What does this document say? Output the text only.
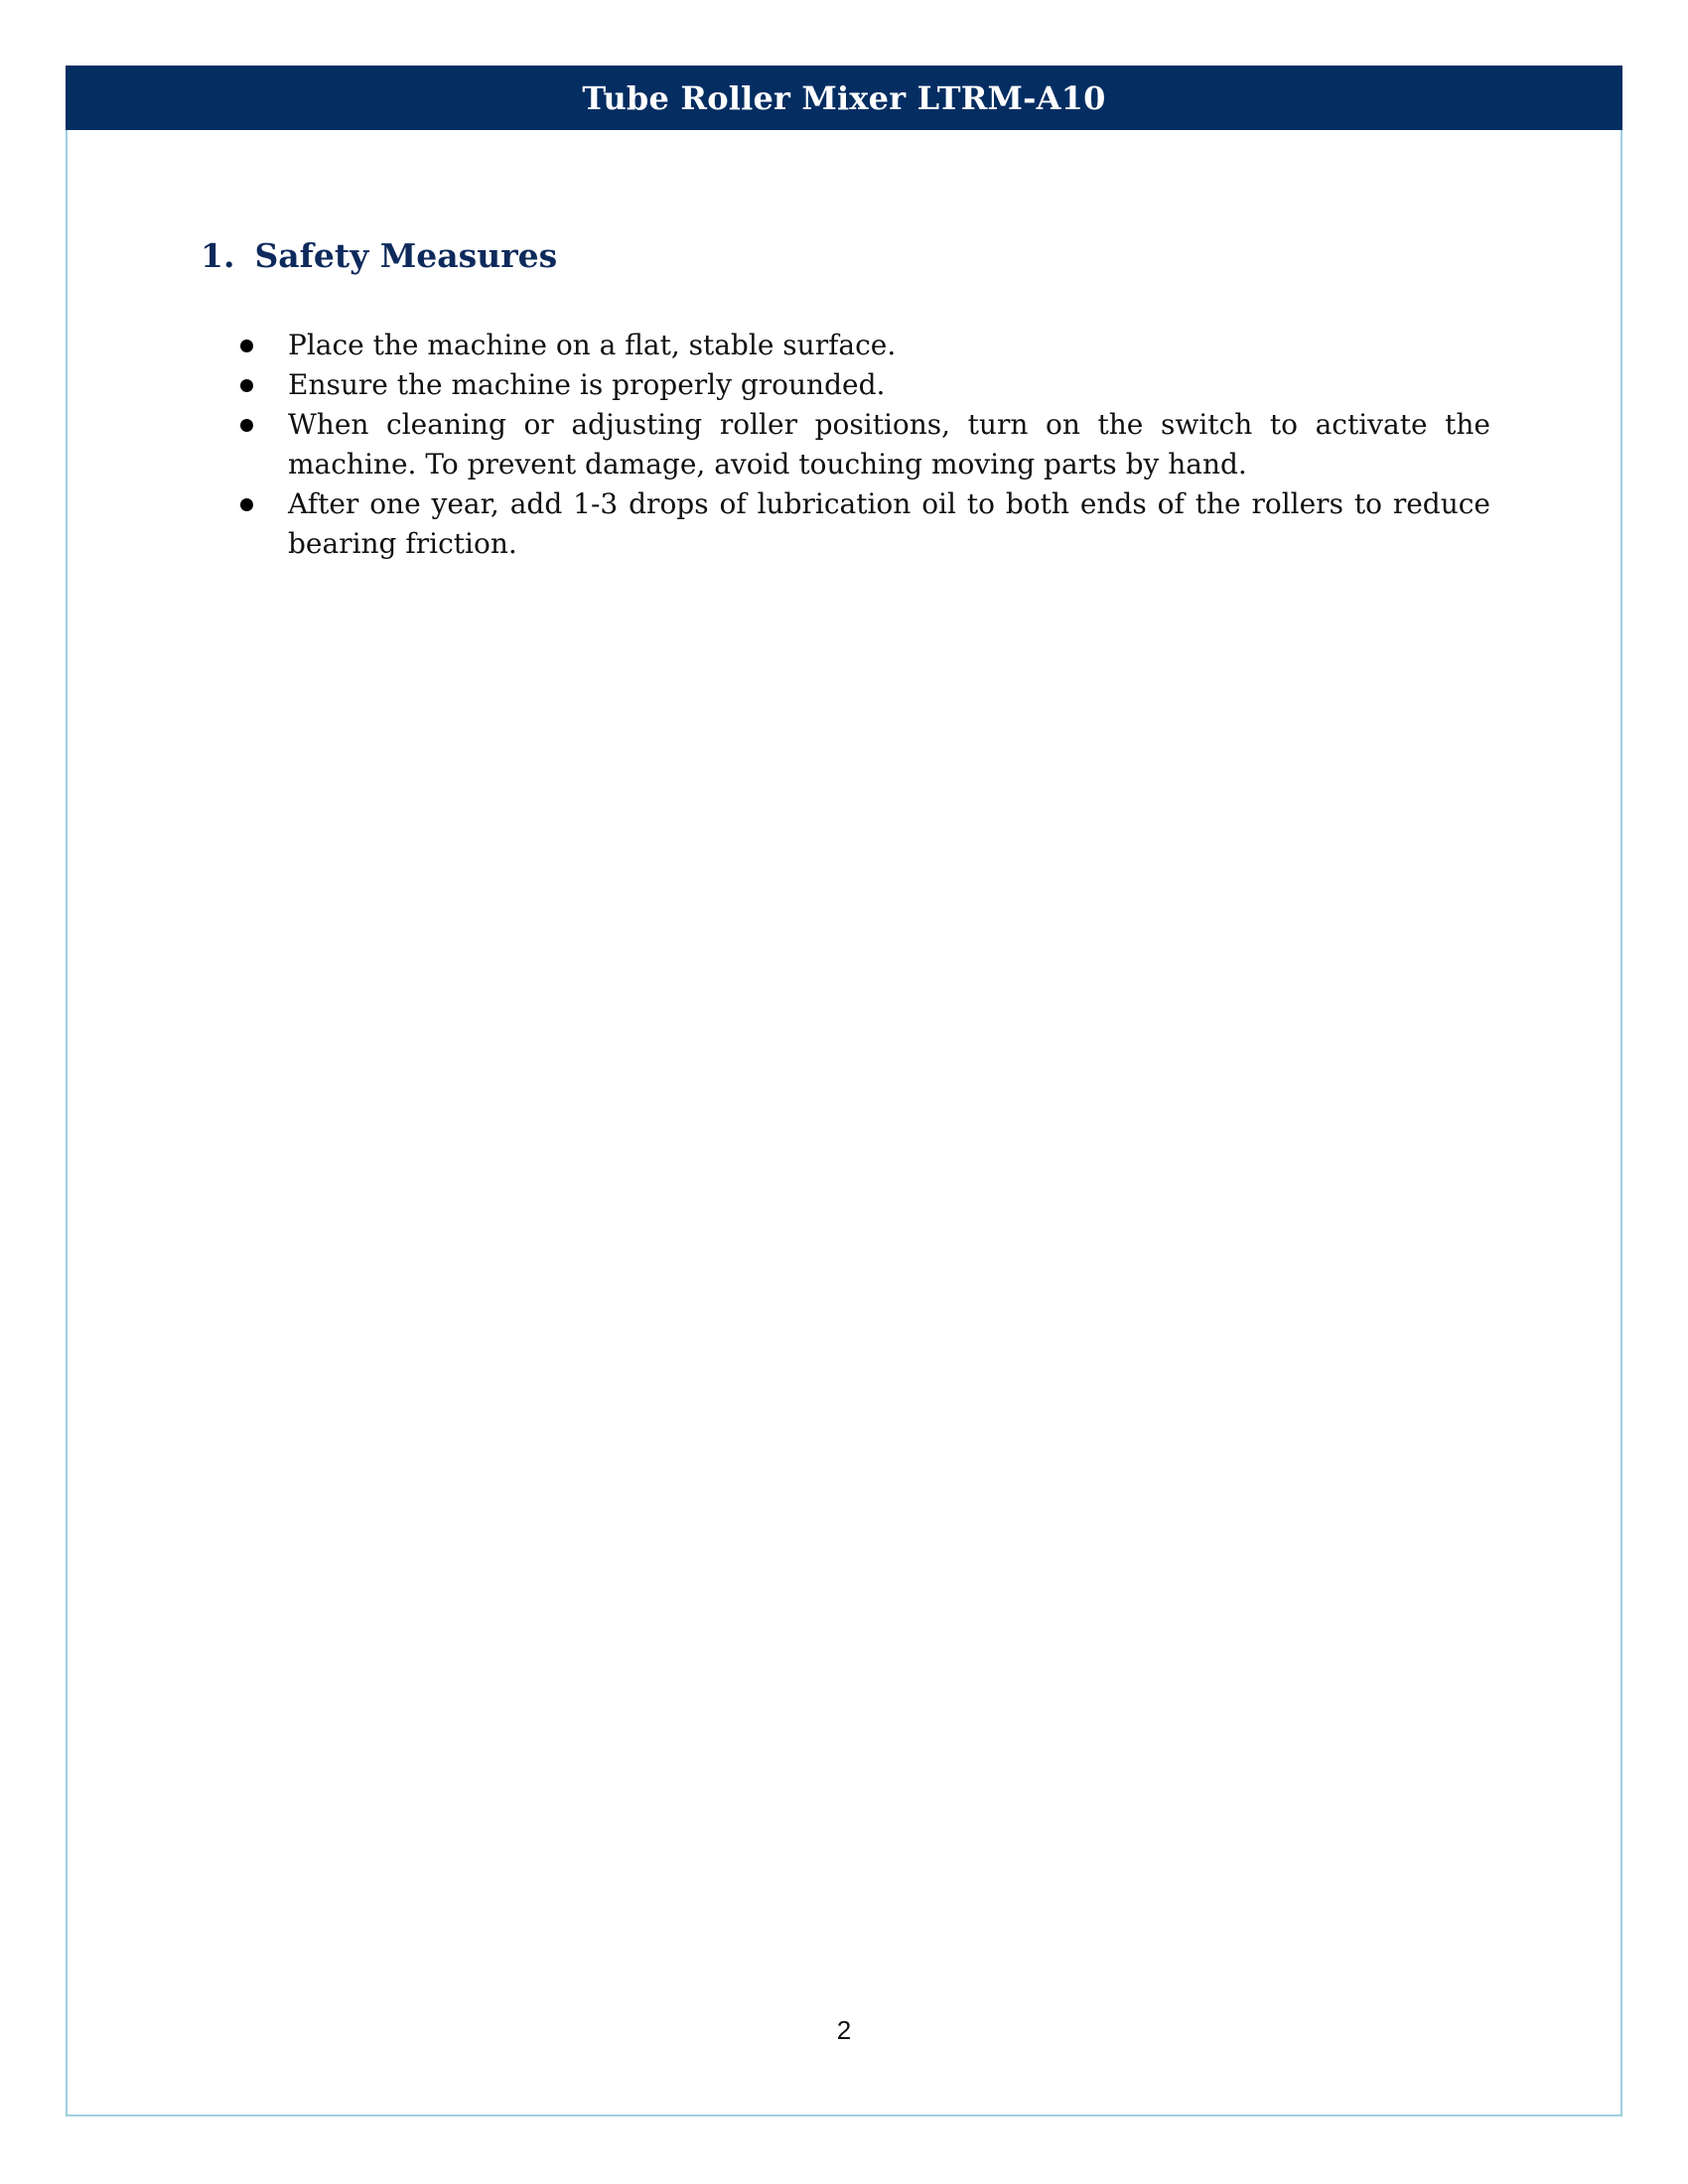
Tube Roller Mixer LTRM-A10
1. Safety Measures
Place the machine on a flat, stable surface.
Ensure the machine is properly grounded.
When cleaning or adjusting roller positions, turn on the switch to activate the machine. To prevent damage, avoid touching moving parts by hand.
After one year, add 1-3 drops of lubrication oil to both ends of the rollers to reduce bearing friction.
2
